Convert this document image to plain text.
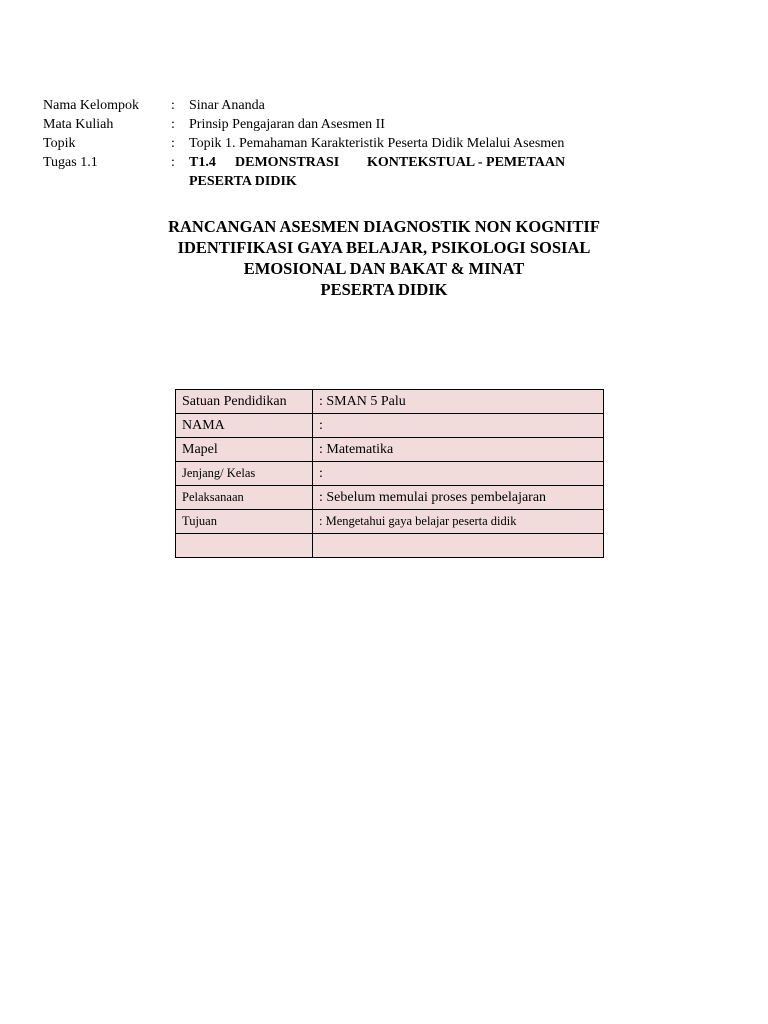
Nama Kelompok	:	Sinar Ananda
Mata Kuliah	:	Prinsip Pengajaran dan Asesmen II
Topik	:	Topik 1. Pemahaman Karakteristik Peserta Didik Melalui Asesmen
Tugas 1.1	:	T1.4	DEMONSTRASI	KONTEKSTUAL - PEMETAAN
PESERTA DIDIK
RANCANGAN ASESMEN DIAGNOSTIK NON KOGNITIF
IDENTIFIKASI GAYA BELAJAR, PSIKOLOGI SOSIAL
EMOSIONAL DAN BAKAT & MINAT
PESERTA DIDIK
Satuan Pendidikan	: SMAN 5 Palu
NAMA	:
Mapel	: Matematika
Jenjang/ Kelas	:
Pelaksanaan	: Sebelum memulai proses pembelajaran
Tujuan	: Mengetahui gaya belajar peserta didik
